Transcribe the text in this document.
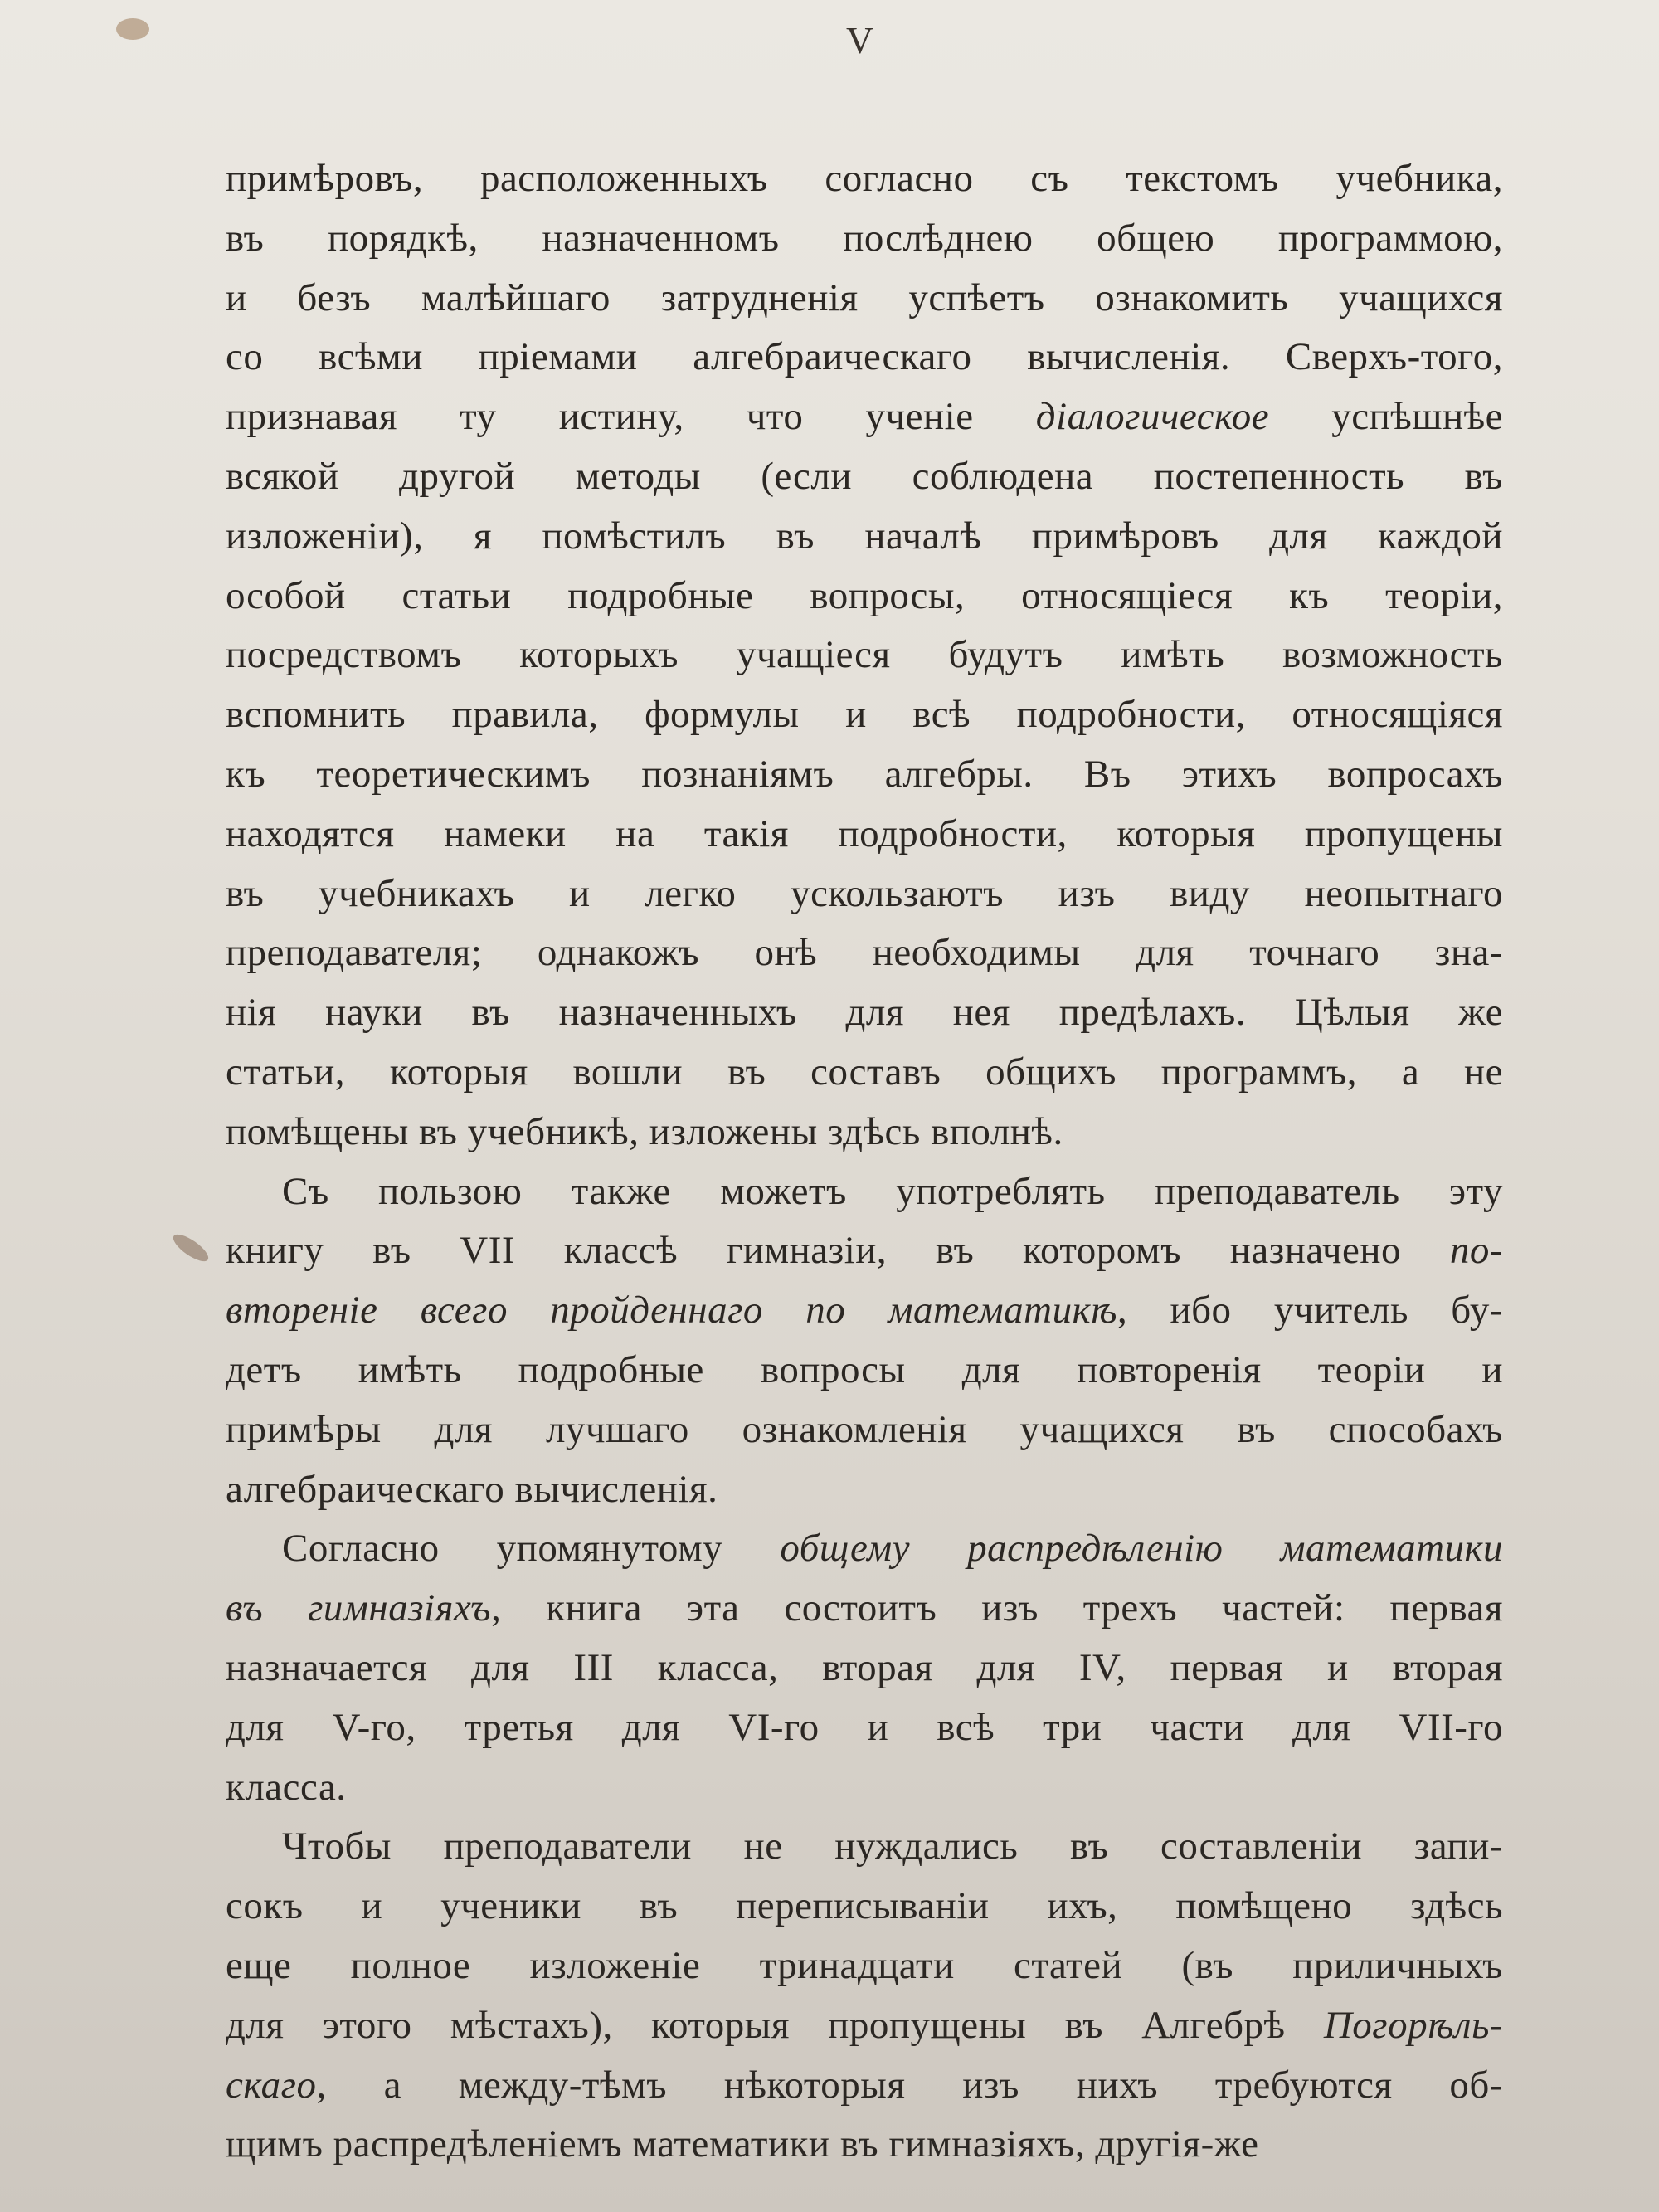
V
примѣровъ, расположенныхъ согласно съ текстомъ учебника,
въ порядкѣ, назначенномъ послѣднею общею программою,
и безъ малѣйшаго затрудненія успѣетъ ознакомить учащихся
со всѣми пріемами алгебраическаго вычисленія. Сверхъ-того,
признавая ту истину, что ученіе діалогическое успѣшнѣе
всякой другой методы (если соблюдена постепенность въ
изложеніи), я помѣстилъ въ началѣ примѣровъ для каждой
особой статьи подробные вопросы, относящіеся къ теоріи,
посредствомъ которыхъ учащіеся будутъ имѣть возможность
вспомнить правила, формулы и всѣ подробности, относящіяся
къ теоретическимъ познаніямъ алгебры. Въ этихъ вопросахъ
находятся намеки на такія подробности, которыя пропущены
въ учебникахъ и легко ускользаютъ изъ виду неопытнаго
преподавателя; однакожъ онѣ необходимы для точнаго зна-
нія науки въ назначенныхъ для нея предѣлахъ. Цѣлыя же
статьи, которыя вошли въ составъ общихъ программъ, а не
помѣщены въ учебникѣ, изложены здѣсь вполнѣ.
Съ пользою также можетъ употреблять преподаватель эту
книгу въ VII классѣ гимназіи, въ которомъ назначено по-
втореніе всего пройденнаго по математикѣ, ибо учитель бу-
детъ имѣть подробные вопросы для повторенія теоріи и
примѣры для лучшаго ознакомленія учащихся въ способахъ
алгебраическаго вычисленія.
Согласно упомянутому общему распредѣленію математики
въ гимназіяхъ, книга эта состоитъ изъ трехъ частей: первая
назначается для III класса, вторая для IV, первая и вторая
для V-го, третья для VI-го и всѣ три части для VII-го
класса.
Чтобы преподаватели не нуждались въ составленіи запи-
сокъ и ученики въ переписываніи ихъ, помѣщено здѣсь
еще полное изложеніе тринадцати статей (въ приличныхъ
для этого мѣстахъ), которыя пропущены въ Алгебрѣ Погорѣль-
скаго, а между-тѣмъ нѣкоторыя изъ нихъ требуются об-
щимъ распредѣленіемъ математики въ гимназіяхъ, другія-же
